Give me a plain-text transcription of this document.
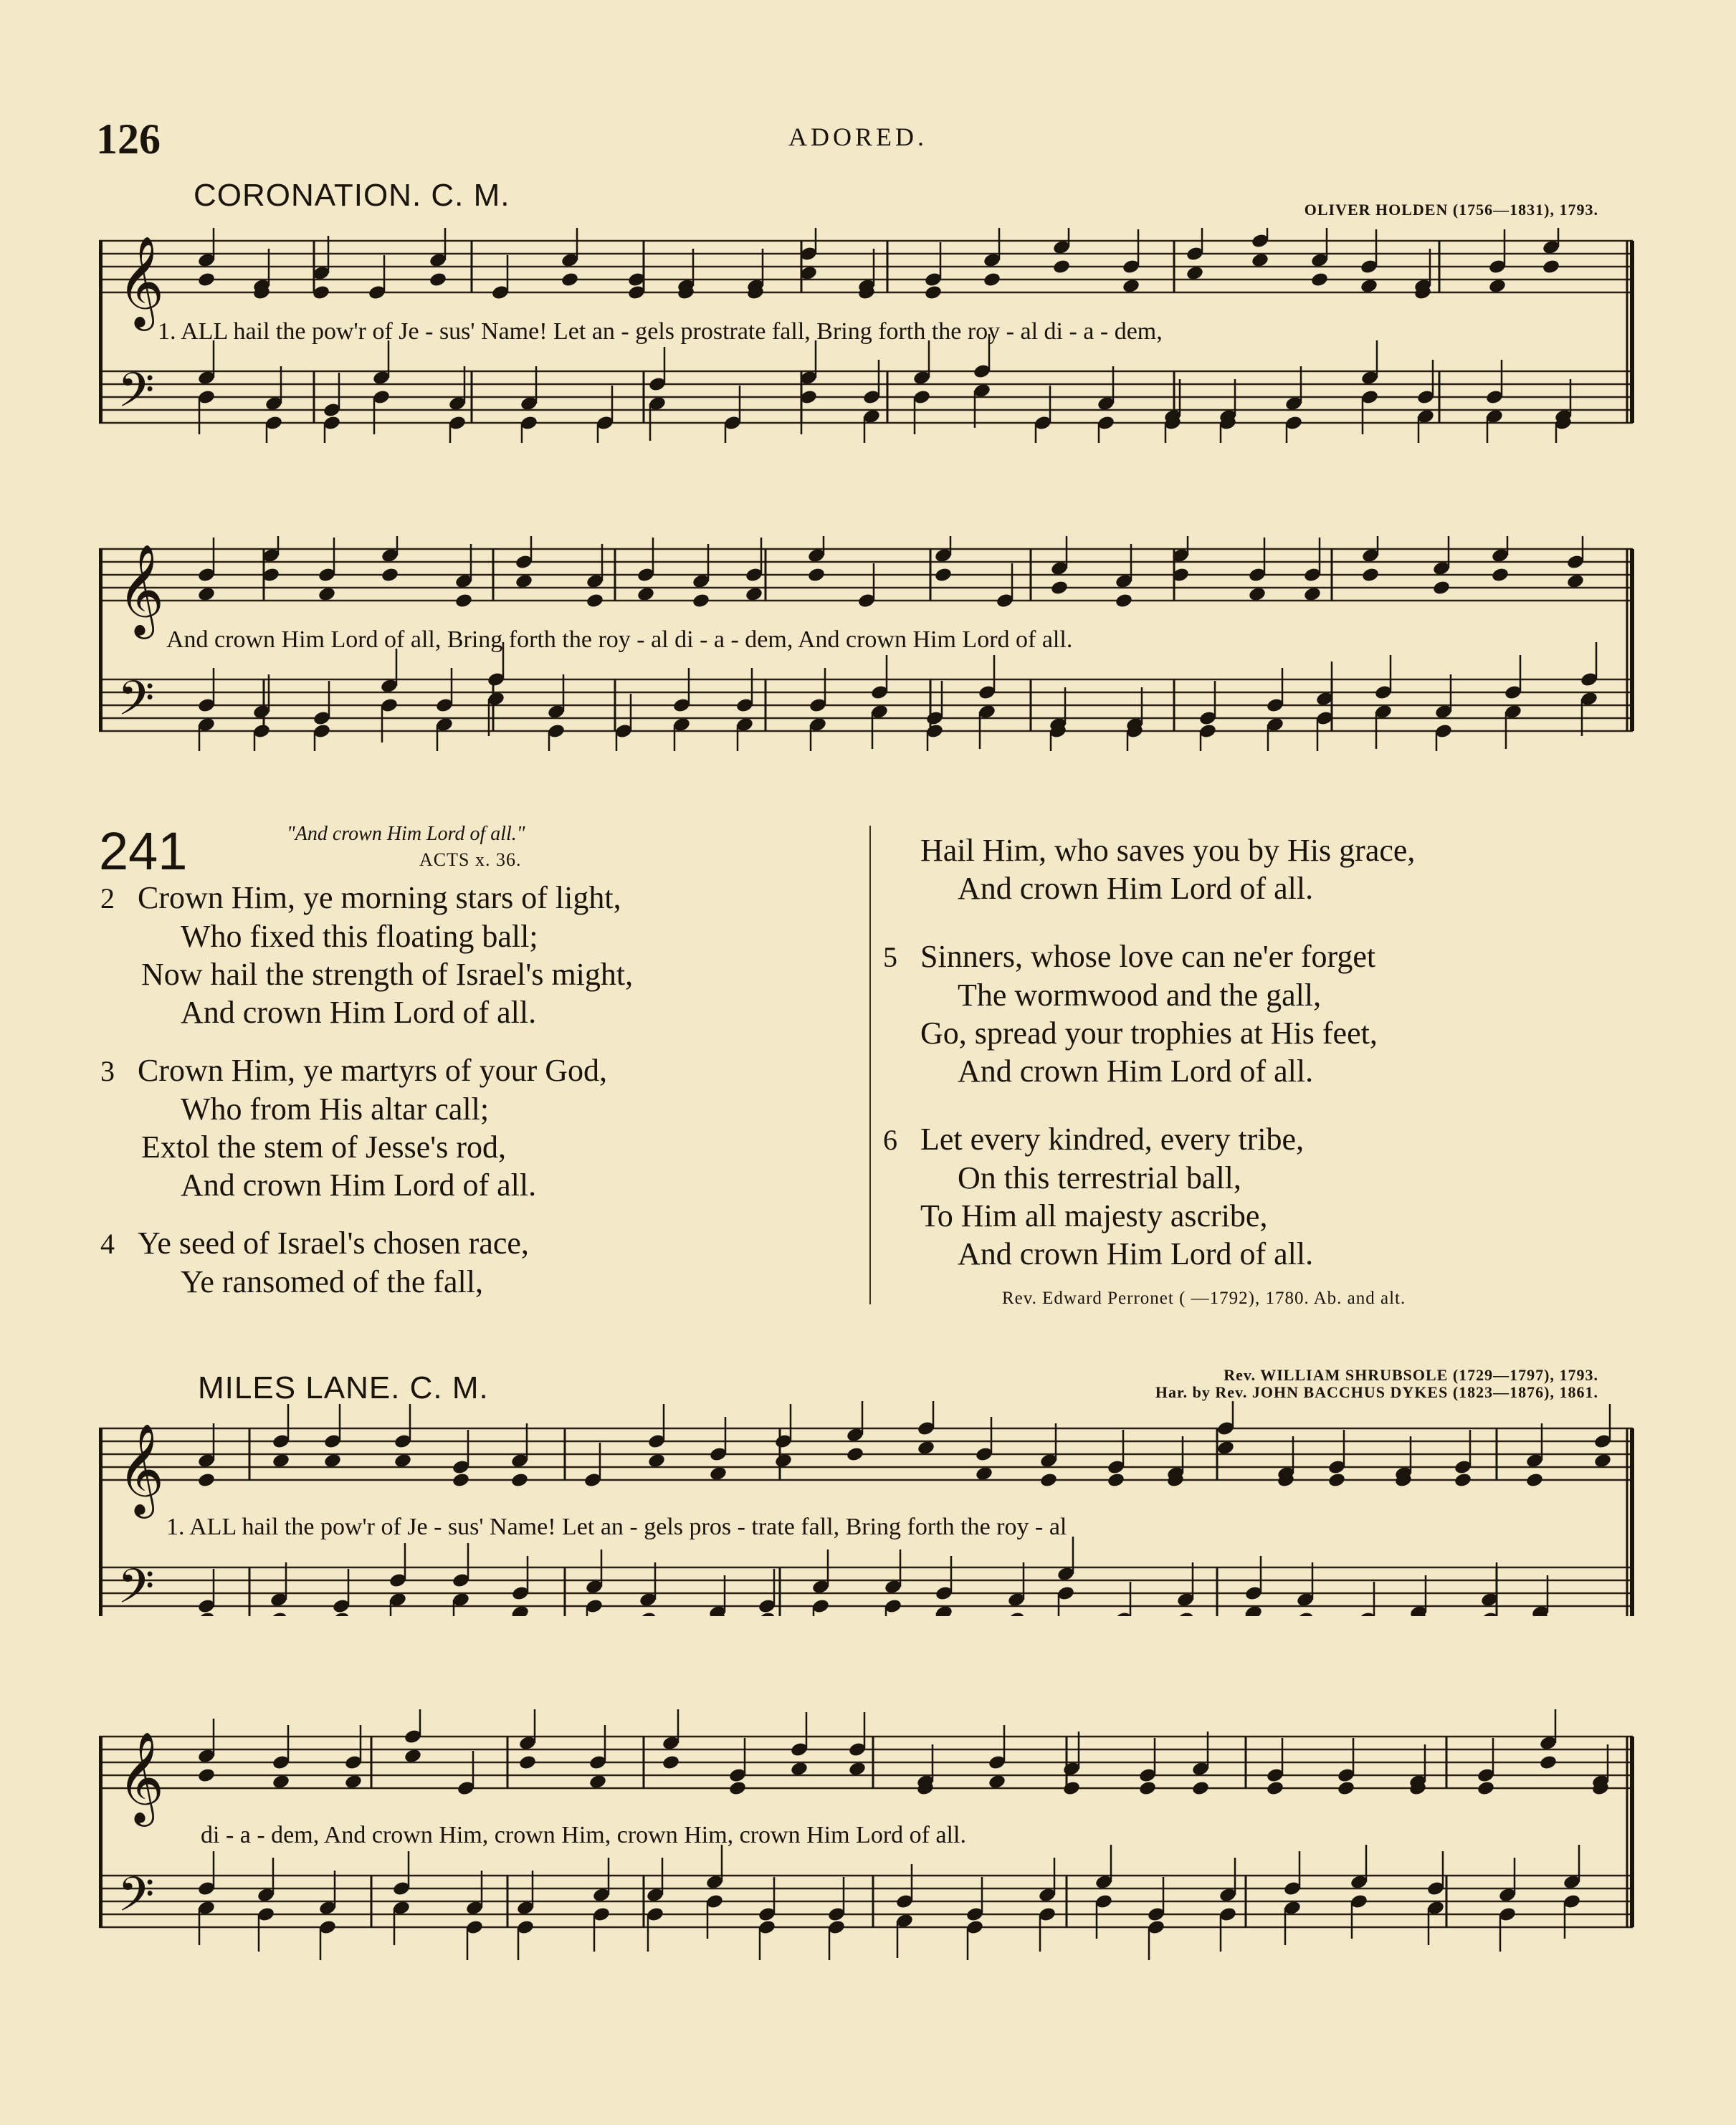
126	ADORED.
CORONATION. C. M.	OLIVER HOLDEN (1756—1831), 1793.
𝄞
𝄢
1. ALL hail the pow'r of Je - sus' Name! Let an - gels prostrate fall, Bring forth the roy - al di - a - dem,
𝄞
𝄢
And crown Him Lord of all, Bring forth the roy - al di - a - dem, And crown Him Lord of all.
241	"And crown Him Lord of all."
ACTS x. 36.
2 Crown Him, ye morning stars of light,
Who fixed this floating ball;
Now hail the strength of Israel's might,
And crown Him Lord of all.
3 Crown Him, ye martyrs of your God,
Who from His altar call;
Extol the stem of Jesse's rod,
And crown Him Lord of all.
4 Ye seed of Israel's chosen race,
Ye ransomed of the fall,
Hail Him, who saves you by His grace,
And crown Him Lord of all.
5 Sinners, whose love can ne'er forget
The wormwood and the gall,
Go, spread your trophies at His feet,
And crown Him Lord of all.
6 Let every kindred, every tribe,
On this terrestrial ball,
To Him all majesty ascribe,
And crown Him Lord of all.
Rev. Edward Perronet ( —1792), 1780. Ab. and alt.
MILES LANE. C. M.	Rev. WILLIAM SHRUBSOLE (1729—1797), 1793.
Har. by Rev. JOHN BACCHUS DYKES (1823—1876), 1861.
𝄞
𝄢
1. ALL hail the pow'r of Je - sus' Name! Let an - gels pros - trate fall, Bring forth the roy - al
𝄞
𝄢
di - a - dem, And crown Him, crown Him, crown Him, crown Him Lord of all.
